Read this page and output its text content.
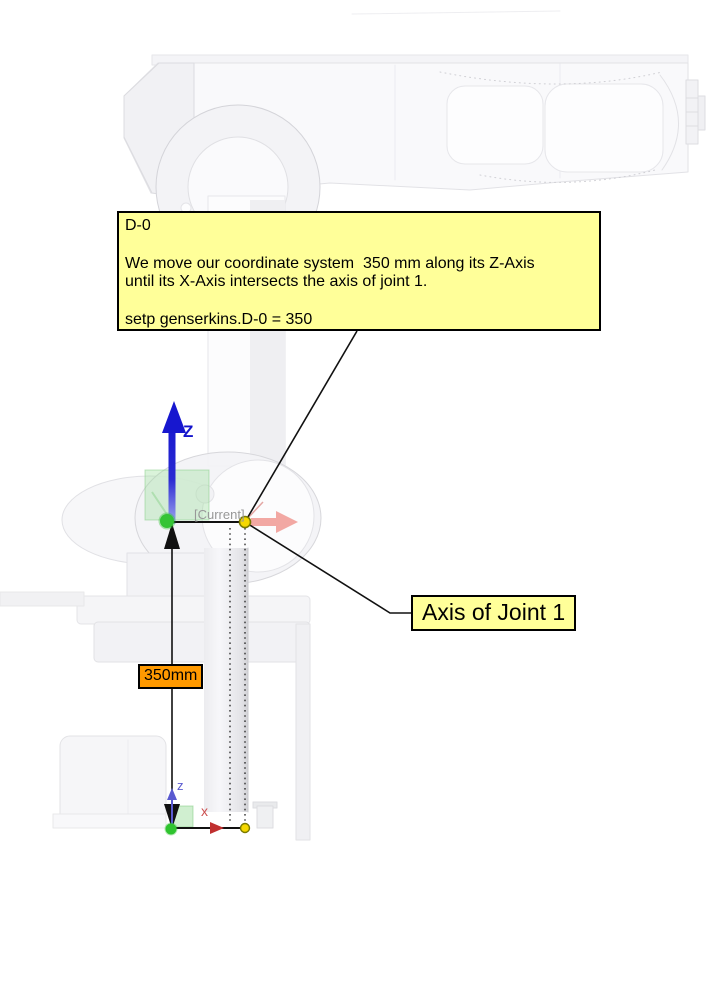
D-0
We move our coordinate system  350 mm along its Z-Axis
until its X-Axis intersects the axis of joint 1.
setp genserkins.D-0 = 350
Axis of Joint 1
350mm
[Current]
Z
z
x
